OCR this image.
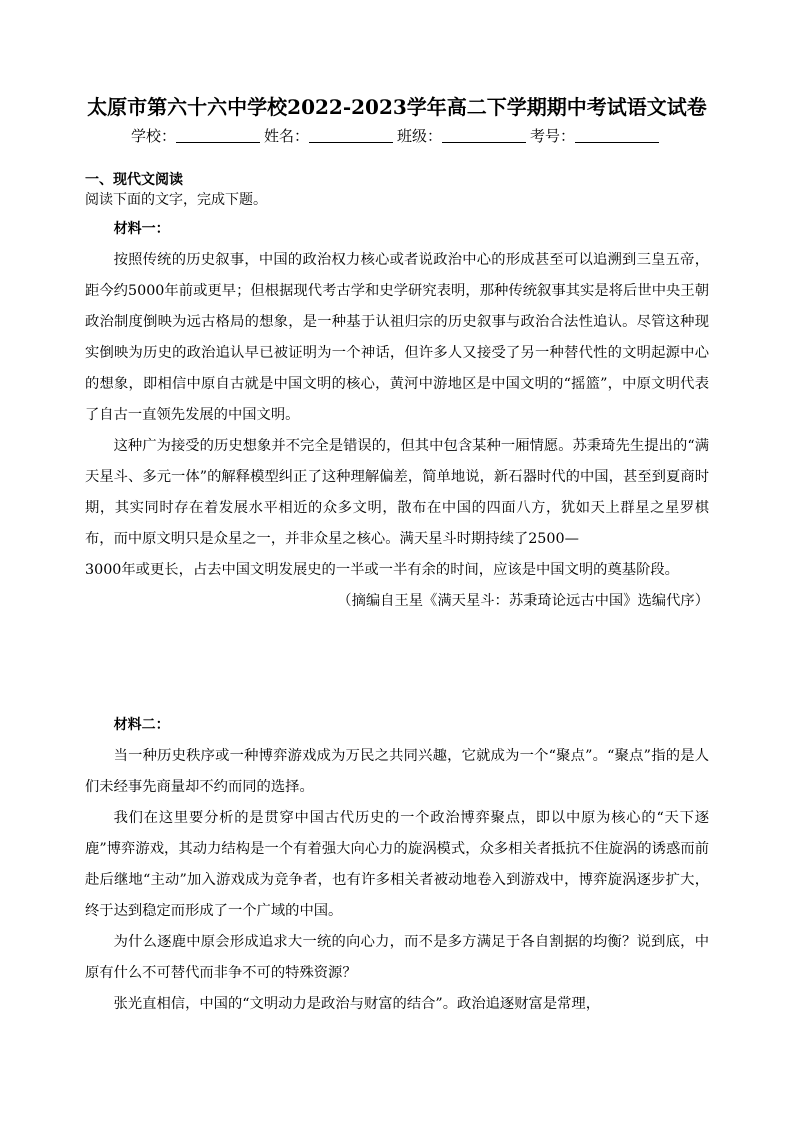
太原市第六十六中学校2022-2023学年高二下学期期中考试语文试卷
学校：	姓名：	班级：	考号：
一、现代文阅读
阅读下面的文字，完成下题。
材料一：
按照传统的历史叙事，中国的政治权力核心或者说政治中心的形成甚至可以追溯到三皇五帝，距今约5000年前或更早；但根据现代考古学和史学研究表明，那种传统叙事其实是将后世中央王朝政治制度倒映为远古格局的想象，是一种基于认祖归宗的历史叙事与政治合法性追认。尽管这种现实倒映为历史的政治追认早已被证明为一个神话，但许多人又接受了另一种替代性的文明起源中心的想象，即相信中原自古就是中国文明的核心，黄河中游地区是中国文明的“摇篮”，中原文明代表了自古一直领先发展的中国文明。
这种广为接受的历史想象并不完全是错误的，但其中包含某种一厢情愿。苏秉琦先生提出的“满天星斗、多元一体”的解释模型纠正了这种理解偏差，简单地说，新石器时代的中国，甚至到夏商时期，其实同时存在着发展水平相近的众多文明，散布在中国的四面八方，犹如天上群星之星罗棋布，而中原文明只是众星之一，并非众星之核心。满天星斗时期持续了2500—
3000年或更长，占去中国文明发展史的一半或一半有余的时间，应该是中国文明的奠基阶段。
（摘编自王星《满天星斗：苏秉琦论远古中国》选编代序）
材料二：
当一种历史秩序或一种博弈游戏成为万民之共同兴趣，它就成为一个“聚点”。“聚点”指的是人们未经事先商量却不约而同的选择。
我们在这里要分析的是贯穿中国古代历史的一个政治博弈聚点，即以中原为核心的“天下逐鹿”博弈游戏，其动力结构是一个有着强大向心力的旋涡模式，众多相关者抵抗不住旋涡的诱惑而前赴后继地“主动”加入游戏成为竞争者，也有许多相关者被动地卷入到游戏中，博弈旋涡逐步扩大，终于达到稳定而形成了一个广域的中国。
为什么逐鹿中原会形成追求大一统的向心力，而不是多方满足于各自割据的均衡？说到底，中原有什么不可替代而非争不可的特殊资源？
张光直相信，中国的“文明动力是政治与财富的结合”。政治追逐财富是常理，
